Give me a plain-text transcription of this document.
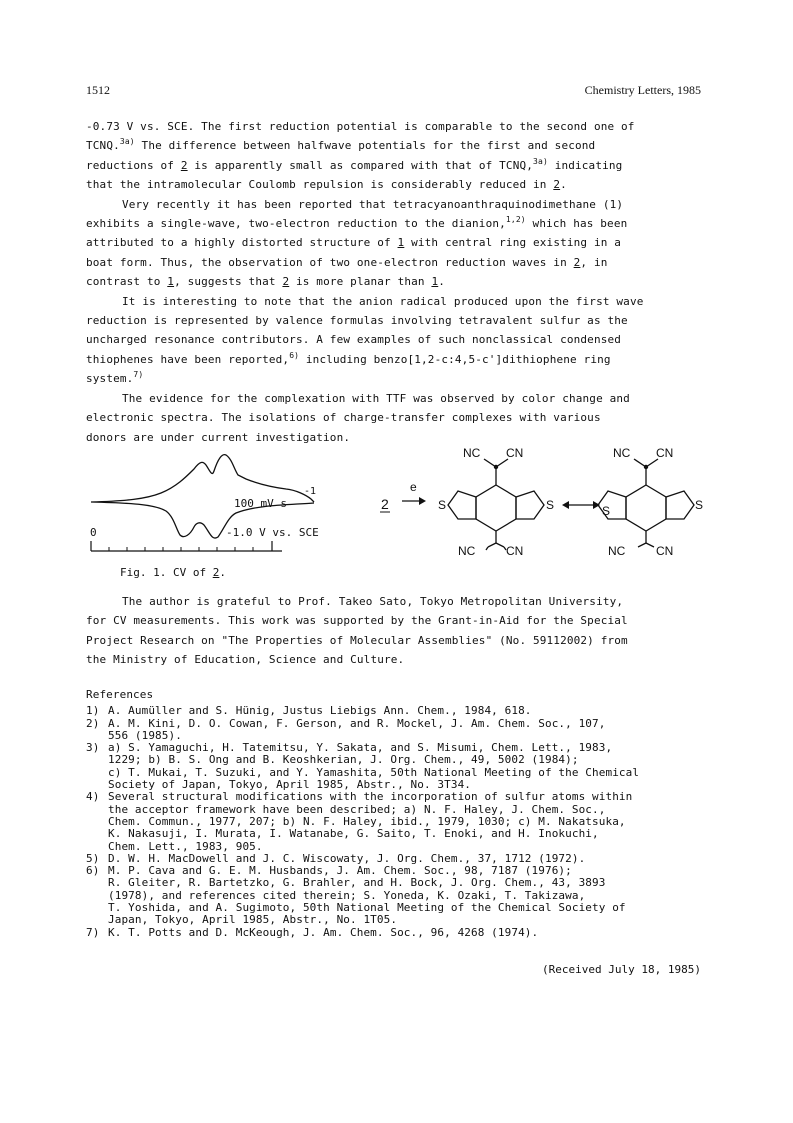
1512	Chemistry Letters, 1985

-0.73 V vs. SCE. The first reduction potential is comparable to the second one of

TCNQ.$^{3a)}$ The difference between halfwave potentials for the first and second

reductions of 2 is apparently small as compared with that of TCNQ,$^{3a)}$ indicating

that the intramolecular Coulomb repulsion is considerably reduced in 2.

Very recently it has been reported that tetracyanoanthraquinodimethane (1)

exhibits a single-wave, two-electron reduction to the dianion,$^{1,2)}$ which has been

attributed to a highly distorted structure of 1 with central ring existing in a

boat form. Thus, the observation of two one-electron reduction waves in 2, in

contrast to 1, suggests that 2 is more planar than 1.

It is interesting to note that the anion radical produced upon the first wave

reduction is represented by valence formulas involving tetravalent sulfur as the

uncharged resonance contributors. A few examples of such nonclassical condensed

thiophenes have been reported,$^{6)}$ including benzo[1,2-c:4,5-c']dithiophene ring

system.$^{7)}$

The evidence for the complexation with TTF was observed by color change and

electronic spectra. The isolations of charge-transfer complexes with various

donors are under current investigation.

100 mV s
-1
0	-1.0 V vs. SCE
2
e
NC CN
NC	CN
S	S
NC CN
NC	CN
S	S
Fig. 1. CV of 2.

The author is grateful to Prof. Takeo Sato, Tokyo Metropolitan University,

for CV measurements. This work was supported by the Grant-in-Aid for the Special

Project Research on "The Properties of Molecular Assemblies" (No. 59112002) from

the Ministry of Education, Science and Culture.

References
1) A. Aumüller and S. Hünig, Justus Liebigs Ann. Chem., 1984, 618.
2) A. M. Kini, D. O. Cowan, F. Gerson, and R. Mockel, J. Am. Chem. Soc., 107,
556 (1985).
3) a) S. Yamaguchi, H. Tatemitsu, Y. Sakata, and S. Misumi, Chem. Lett., 1983,
1229; b) B. S. Ong and B. Keoshkerian, J. Org. Chem., 49, 5002 (1984);
c) T. Mukai, T. Suzuki, and Y. Yamashita, 50th National Meeting of the Chemical
Society of Japan, Tokyo, April 1985, Abstr., No. 3T34.
4) Several structural modifications with the incorporation of sulfur atoms within
the acceptor framework have been described; a) N. F. Haley, J. Chem. Soc.,
Chem. Commun., 1977, 207; b) N. F. Haley, ibid., 1979, 1030; c) M. Nakatsuka,
K. Nakasuji, I. Murata, I. Watanabe, G. Saito, T. Enoki, and H. Inokuchi,
Chem. Lett., 1983, 905.
5) D. W. H. MacDowell and J. C. Wiscowaty, J. Org. Chem., 37, 1712 (1972).
6) M. P. Cava and G. E. M. Husbands, J. Am. Chem. Soc., 98, 7187 (1976);
R. Gleiter, R. Bartetzko, G. Brahler, and H. Bock, J. Org. Chem., 43, 3893
(1978), and references cited therein; S. Yoneda, K. Ozaki, T. Takizawa,
T. Yoshida, and A. Sugimoto, 50th National Meeting of the Chemical Society of
Japan, Tokyo, April 1985, Abstr., No. 1T05.
7) K. T. Potts and D. McKeough, J. Am. Chem. Soc., 96, 4268 (1974).
(Received July 18, 1985)
